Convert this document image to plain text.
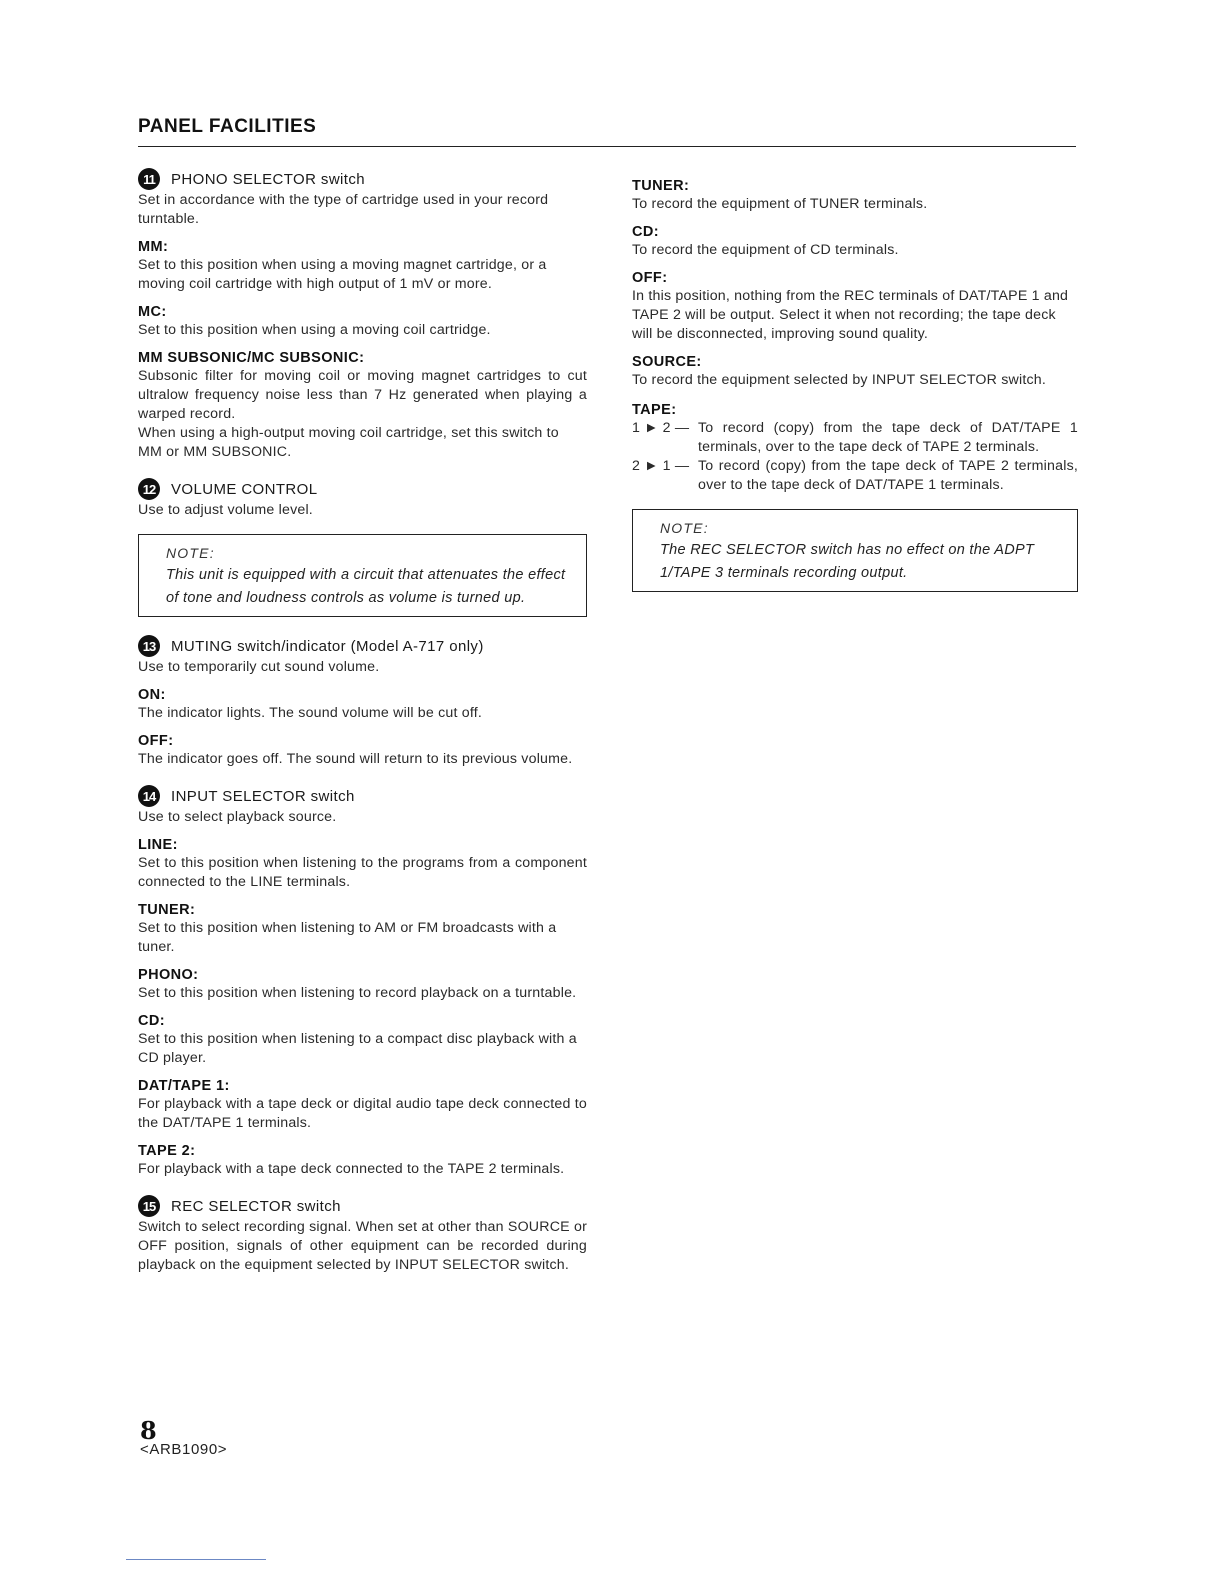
PANEL FACILITIES
11	PHONO SELECTOR switch

Set in accordance with the type of cartridge used in your record turntable.

MM:

Set to this position when using a moving magnet cartridge, or a moving coil cartridge with high output of 1 mV or more.

MC:

Set to this position when using a moving coil cartridge.

MM SUBSONIC/MC SUBSONIC:

Subsonic filter for moving coil or moving magnet cartridges to cut ultralow frequency noise less than 7 Hz generated when playing a warped record.

When using a high-output moving coil cartridge, set this switch to MM or MM SUBSONIC.

12	VOLUME CONTROL

Use to adjust volume level.

NOTE:
This unit is equipped with a circuit that attenuates the effect of tone and loudness controls as volume is turned up.
13	MUTING switch/indicator (Model A-717 only)

Use to temporarily cut sound volume.

ON:

The indicator lights. The sound volume will be cut off.

OFF:

The indicator goes off. The sound will return to its previous volume.

14	INPUT SELECTOR switch

Use to select playback source.

LINE:

Set to this position when listening to the programs from a component connected to the LINE terminals.

TUNER:

Set to this position when listening to AM or FM broadcasts with a tuner.

PHONO:

Set to this position when listening to record playback on a turntable.

CD:

Set to this position when listening to a compact disc playback with a CD player.

DAT/TAPE 1:

For playback with a tape deck or digital audio tape deck connected to the DAT/TAPE 1 terminals.

TAPE 2:

For playback with a tape deck connected to the TAPE 2 terminals.

15	REC SELECTOR switch

Switch to select recording signal. When set at other than SOURCE or OFF position, signals of other equipment can be recorded during playback on the equipment selected by INPUT SELECTOR switch.

TUNER:

To record the equipment of TUNER terminals.

CD:

To record the equipment of CD terminals.

OFF:

In this position, nothing from the REC terminals of DAT/TAPE 1 and TAPE 2 will be output. Select it when not recording; the tape deck will be disconnected, improving sound quality.

SOURCE:

To record the equipment selected by INPUT SELECTOR switch.

TAPE:
1 ► 2 — To record (copy) from the tape deck of DAT/TAPE 1 terminals, over to the tape deck of TAPE 2 terminals.
2 ► 1 — To record (copy) from the tape deck of TAPE 2 terminals, over to the tape deck of DAT/TAPE 1 terminals.
NOTE:
The REC SELECTOR switch has no effect on the ADPT 1/TAPE 3 terminals recording output.
8
<ARB1090>
